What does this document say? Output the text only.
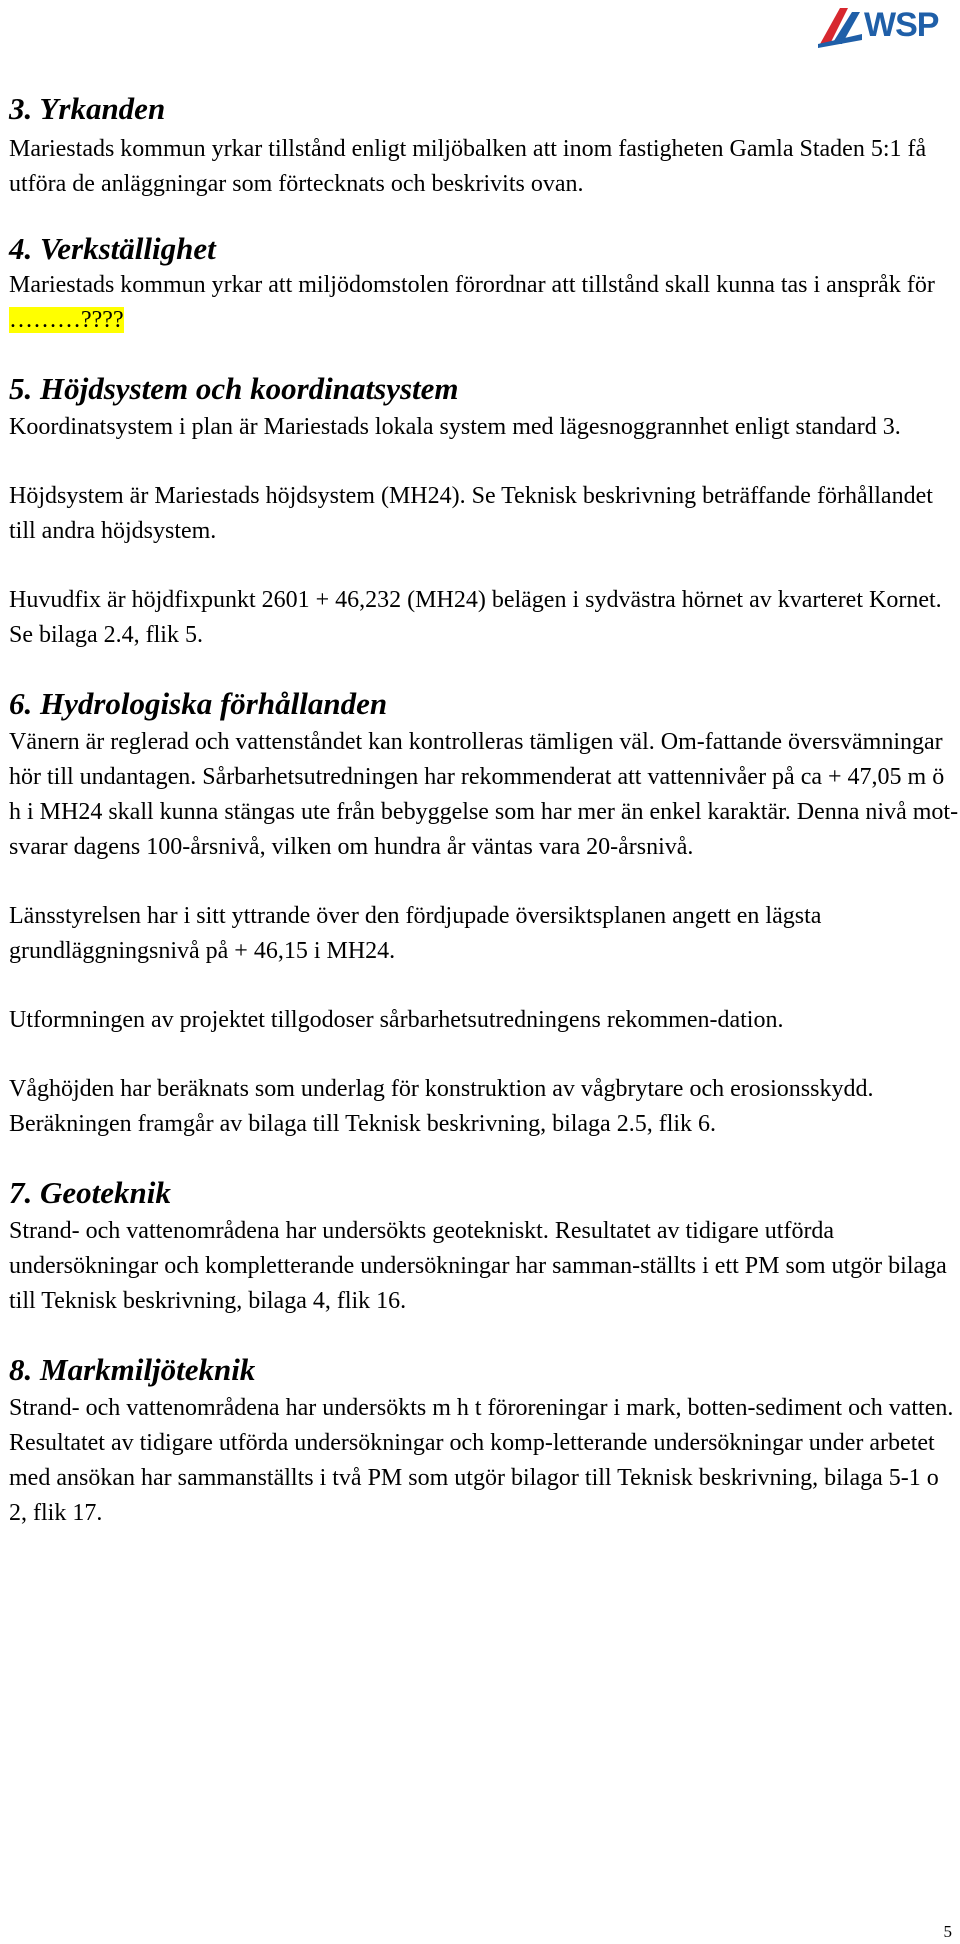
WSP
3. Yrkanden

Mariestads kommun yrkar tillstånd enligt miljöbalken att inom fastigheten Gamla Staden 5:1 få utföra de anläggningar som förtecknats och beskrivits ovan.

4. Verkställighet

Mariestads kommun yrkar att miljödomstolen förordnar att tillstånd skall kunna tas i anspråk för ………????

5. Höjdsystem och koordinatsystem

Koordinatsystem i plan är Mariestads lokala system med lägesnoggrannhet enligt standard 3.

Höjdsystem är Mariestads höjdsystem (MH24). Se Teknisk beskrivning beträffande förhållandet till andra höjdsystem.

Huvudfix är höjdfixpunkt 2601 + 46,232 (MH24) belägen i sydvästra hörnet av kvarteret Kornet. Se bilaga 2.4, flik 5.

6. Hydrologiska förhållanden

Vänern är reglerad och vattenståndet kan kontrolleras tämligen väl. Om-fattande översvämningar hör till undantagen. Sårbarhetsutredningen har rekommenderat att vattennivåer på ca + 47,05 m ö h i MH24 skall kunna stängas ute från bebyggelse som har mer än enkel karaktär. Denna nivå mot-svarar dagens 100-årsnivå, vilken om hundra år väntas vara 20-årsnivå.

Länsstyrelsen har i sitt yttrande över den fördjupade översiktsplanen angett en lägsta grundläggningsnivå på + 46,15 i MH24.

Utformningen av projektet tillgodoser sårbarhetsutredningens rekommen-dation.

Våghöjden har beräknats som underlag för konstruktion av vågbrytare och erosionsskydd. Beräkningen framgår av bilaga till Teknisk beskrivning, bilaga 2.5, flik 6.

7. Geoteknik

Strand- och vattenområdena har undersökts geotekniskt. Resultatet av tidigare utförda undersökningar och kompletterande undersökningar har samman-ställts i ett PM som utgör bilaga till Teknisk beskrivning, bilaga 4, flik 16.

8. Markmiljöteknik

Strand- och vattenområdena har undersökts m h t föroreningar i mark, botten-sediment och vatten. Resultatet av tidigare utförda undersökningar och komp-letterande undersökningar under arbetet med ansökan har sammanställts i två PM som utgör bilagor till Teknisk beskrivning, bilaga 5-1 o 2, flik 17.

5
